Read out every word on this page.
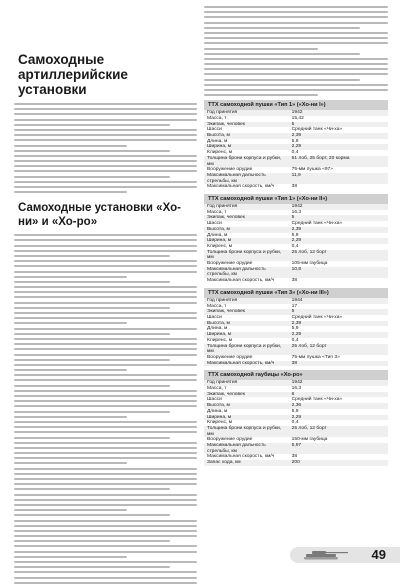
Самоходные артиллерийские установки
Самоходные установки «Хо-ни» и «Хо-ро»
ТТХ самоходной пушки «Тип 1» («Хо-ни I»)
Год принятия	1942
Масса, т	15,42
Экипаж, человек	5
Шасси	Средний танк «Чи-ха»
Высота, м	2,39
Длина, м	5,9
Ширина, м	2,29
Клиренс, м	0,4
Толщина брони корпуса и рубки, мм	51 лоб, 25 борт, 20 корма
Вооружение орудие	75-мм пушка «97»
Максимальная дальность стрельбы, км	11,9
Максимальная скорость, км/ч	38
ТТХ самоходной пушки «Тип 1» («Хо-ни II»)
Год принятия	1942
Масса, т	16,3
Экипаж, человек	5
Шасси	Средний танк «Чи-ха»
Высота, м	2,39
Длина, м	5,9
Ширина, м	2,29
Клиренс, м	0,4
Толщина брони корпуса и рубки, мм	25 лоб, 12 борт
Вооружение орудие	105-мм гаубица
Максимальная дальность стрельбы, км	10,8
Максимальная скорость, км/ч	38
ТТХ самоходной пушки «Тип 3» («Хо-ни III»)
Год принятия	1944
Масса, т	17
Экипаж, человек	5
Шасси	Средний танк «Чи-ха»
Высота, м	2,39
Длина, м	5,9
Ширина, м	2,29
Клиренс, м	0,4
Толщина брони корпуса и рубки, мм	25 лоб, 12 борт
Вооружение орудие	75-мм пушка «Тип 3»
Максимальная скорость, км/ч	38
ТТХ самоходной гаубицы «Хо-ро»
Год принятия	1942
Масса, т	16,3
Экипаж, человек	6
Шасси	Средний танк «Чи-ха»
Высота, м	2,36
Длина, м	5,9
Ширина, м	2,29
Клиренс, м	0,4
Толщина брони корпуса и рубки, мм	25 лоб, 12 борт
Вооружение орудие	150-мм гаубица
Максимальная дальность стрельбы, км	5,97
Максимальная скорость, км/ч	38
Запас хода, км	200
49
